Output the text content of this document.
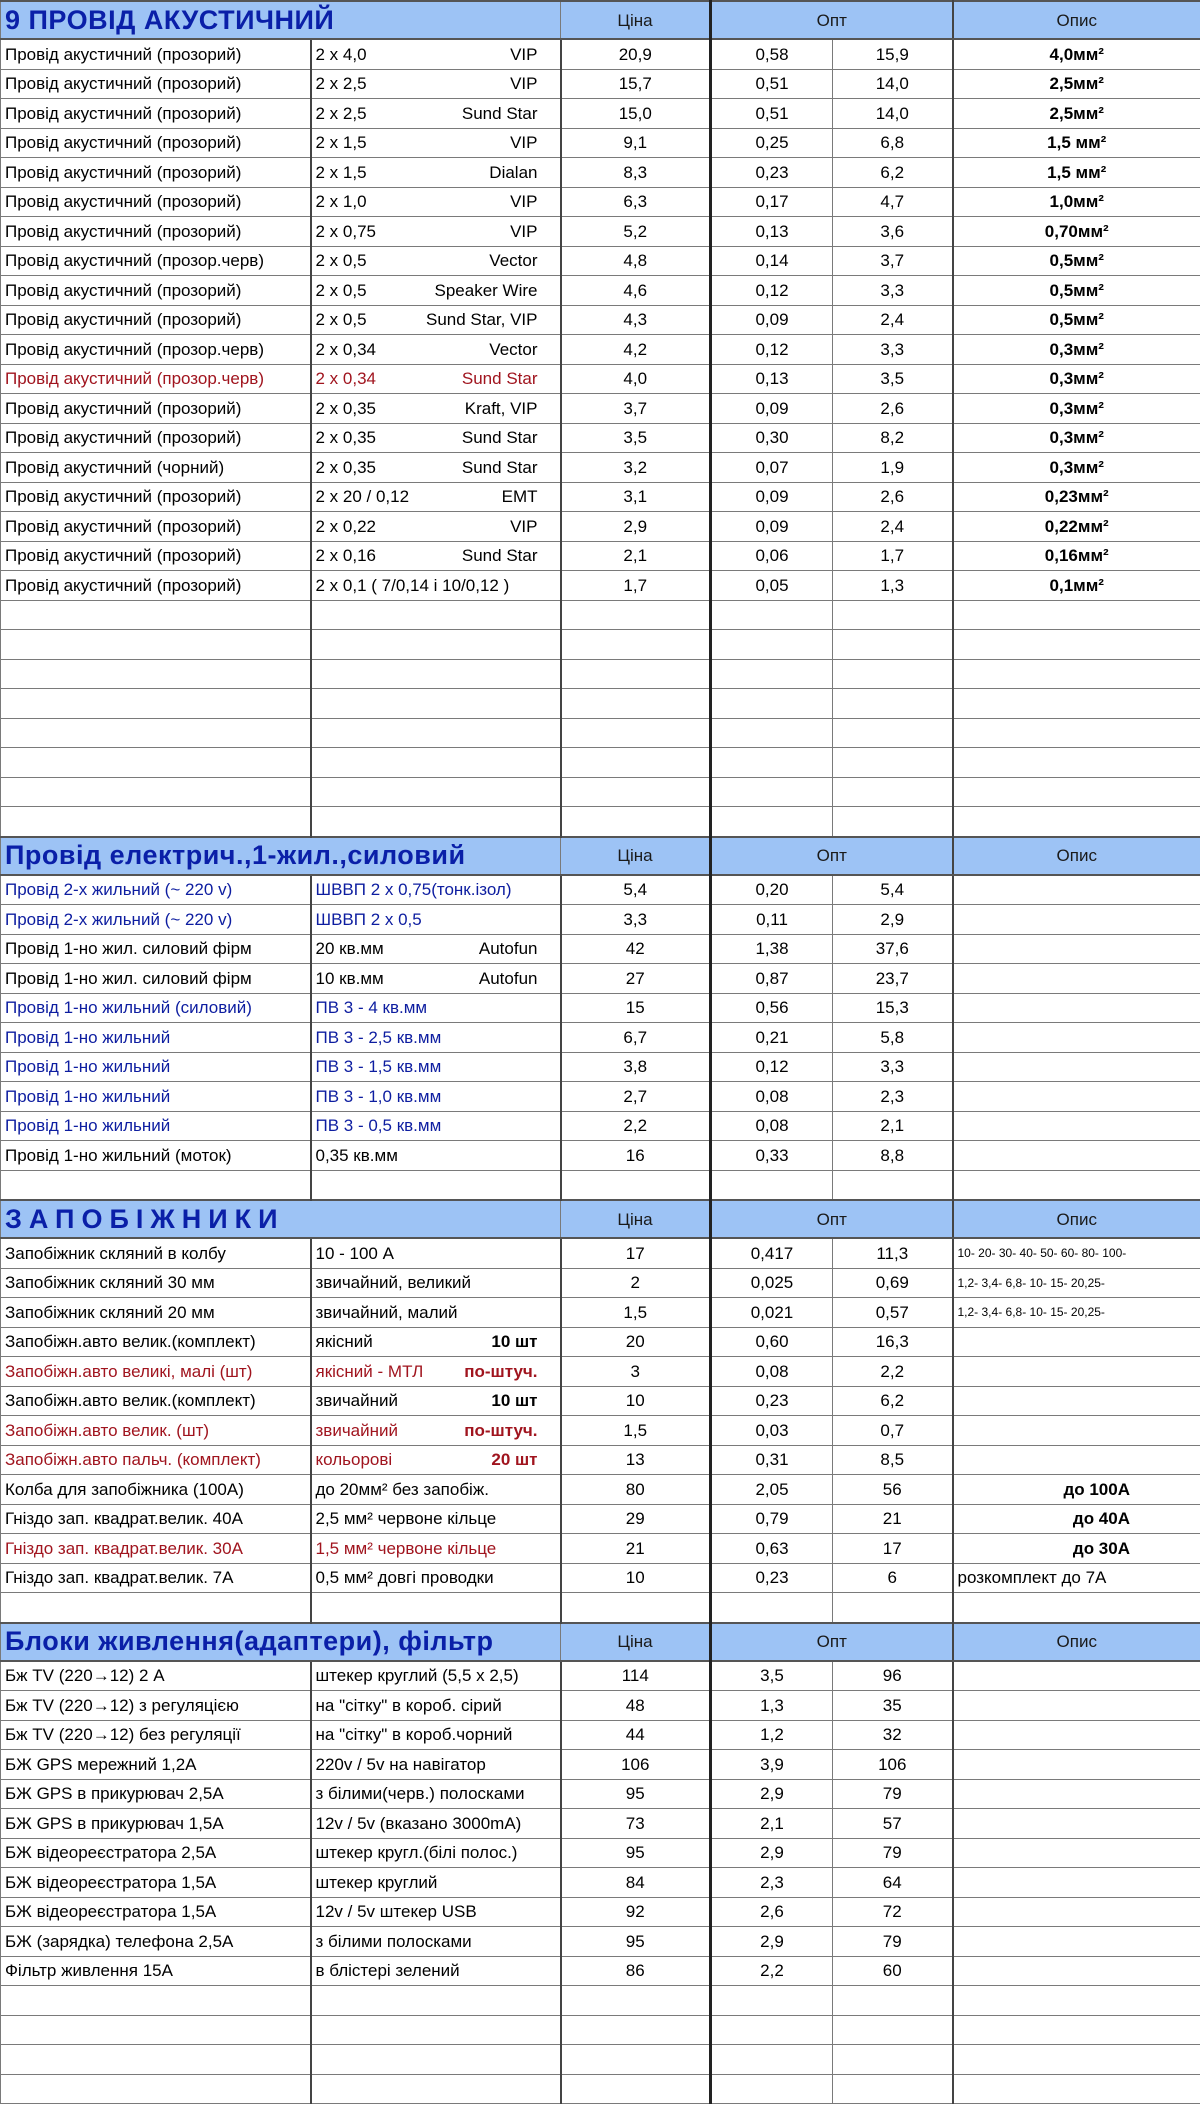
9 ПРОВІД АКУСТИЧНИЙ		Ціна	Опт		Опис
Провід акустичний (прозорий)	2 x 4,0 VIP	20,9	0,58	15,9	4,0мм²
Провід акустичний (прозорий)	2 x 2,5 VIP	15,7	0,51	14,0	2,5мм²
Провід акустичний (прозорий)	2 x 2,5 Sund Star	15,0	0,51	14,0	2,5мм²
Провід акустичний (прозорий)	2 x 1,5 VIP	9,1	0,25	6,8	1,5 мм²
Провід акустичний (прозорий)	2 x 1,5 Dialan	8,3	0,23	6,2	1,5 мм²
Провід акустичний (прозорий)	2 x 1,0 VIP	6,3	0,17	4,7	1,0мм²
Провід акустичний (прозорий)	2 x 0,75 VIP	5,2	0,13	3,6	0,70мм²
Провід акустичний (прозор.черв)	2 x 0,5 Vector	4,8	0,14	3,7	0,5мм²
Провід акустичний (прозорий)	2 x 0,5 Speaker Wire	4,6	0,12	3,3	0,5мм²
Провід акустичний (прозорий)	2 x 0,5 Sund Star, VIP	4,3	0,09	2,4	0,5мм²
Провід акустичний (прозор.черв)	2 x 0,34 Vector	4,2	0,12	3,3	0,3мм²
Провід акустичний (прозор.черв)	2 x 0,34 Sund Star	4,0	0,13	3,5	0,3мм²
Провід акустичний (прозорий)	2 x 0,35 Kraft, VIP	3,7	0,09	2,6	0,3мм²
Провід акустичний (прозорий)	2 x 0,35 Sund Star	3,5	0,30	8,2	0,3мм²
Провід акустичний (чорний)	2 x 0,35 Sund Star	3,2	0,07	1,9	0,3мм²
Провід акустичний (прозорий)	2 x 20 / 0,12 EMT	3,1	0,09	2,6	0,23мм²
Провід акустичний (прозорий)	2 x 0,22 VIP	2,9	0,09	2,4	0,22мм²
Провід акустичний (прозорий)	2 x 0,16 Sund Star	2,1	0,06	1,7	0,16мм²
Провід акустичний (прозорий)	2 x 0,1 ( 7/0,14 і 10/0,12 )	1,7	0,05	1,3	0,1мм²

Провід електрич.,1-жил.,силовий		Ціна	Опт		Опис
Провід 2-х жильний (~ 220 v)	ШВВП 2 x 0,75(тонк.ізол)	5,4	0,20	5,4	
Провід 2-х жильний (~ 220 v)	ШВВП 2 x 0,5	3,3	0,11	2,9	
Провід 1-но жил. силовий фірм	20 кв.мм Autofun	42	1,38	37,6	
Провід 1-но жил. силовий фірм	10 кв.мм Autofun	27	0,87	23,7	
Провід 1-но жильний (силовий)	ПВ 3 - 4 кв.мм	15	0,56	15,3	
Провід 1-но жильний	ПВ 3 - 2,5 кв.мм	6,7	0,21	5,8	
Провід 1-но жильний	ПВ 3 - 1,5 кв.мм	3,8	0,12	3,3	
Провід 1-но жильний	ПВ 3 - 1,0 кв.мм	2,7	0,08	2,3	
Провід 1-но жильний	ПВ 3 - 0,5 кв.мм	2,2	0,08	2,1	
Провід 1-но жильний (моток)	0,35 кв.мм	16	0,33	8,8	

ЗАПОБІЖНИКИ		Ціна	Опт		Опис
Запобіжник скляний в колбу	10 - 100 А	17	0,417	11,3	10- 20- 30- 40- 50- 60- 80- 100-
Запобіжник скляний 30 мм	звичайний, великий	2	0,025	0,69	1,2- 3,4- 6,8- 10- 15- 20,25-
Запобіжник скляний 20 мм	звичайний, малий	1,5	0,021	0,57	1,2- 3,4- 6,8- 10- 15- 20,25-
Запобіжн.авто велик.(комплект)	якісний 10 шт	20	0,60	16,3	
Запобіжн.авто великі, малі (шт)	якісний - МТЛ по-штуч.	3	0,08	2,2	
Запобіжн.авто велик.(комплект)	звичайний 10 шт	10	0,23	6,2	
Запобіжн.авто велик. (шт)	звичайний по-штуч.	1,5	0,03	0,7	
Запобіжн.авто пальч. (комплект)	кольорові 20 шт	13	0,31	8,5	
Колба для запобіжника (100А)	до 20мм² без запобіж.	80	2,05	56	до 100А
Гніздо зап. квадрат.велик. 40А	2,5 мм² червоне кільце	29	0,79	21	до 40А
Гніздо зап. квадрат.велик. 30А	1,5 мм² червоне кільце	21	0,63	17	до 30А
Гніздо зап. квадрат.велик. 7А	0,5 мм² довгі проводки	10	0,23	6	розкомплект до 7А

Блоки живлення(адаптери), фільтр		Ціна	Опт		Опис
Бж TV (220→12) 2 А	штекер круглий (5,5 x 2,5)	114	3,5	96	
Бж TV (220→12) з регуляцією	на "сітку" в короб. сірий	48	1,3	35	
Бж TV (220→12) без регуляції	на "сітку" в короб.чорний	44	1,2	32	
БЖ GPS мережний 1,2А	220v / 5v на навігатор	106	3,9	106	
БЖ GPS в прикурювач 2,5А	з білими(черв.) полосками	95	2,9	79	
БЖ GPS в прикурювач 1,5А	12v / 5v (вказано 3000mA)	73	2,1	57	
БЖ відеореєстратора 2,5А	штекер кругл.(білі полос.)	95	2,9	79	
БЖ відеореєстратора 1,5А	штекер круглий	84	2,3	64	
БЖ відеореєстратора 1,5А	12v / 5v штекер USB	92	2,6	72	
БЖ (зарядка) телефона 2,5А	з білими полосками	95	2,9	79	
Фільтр живлення 15А	в блістері зелений	86	2,2	60	
